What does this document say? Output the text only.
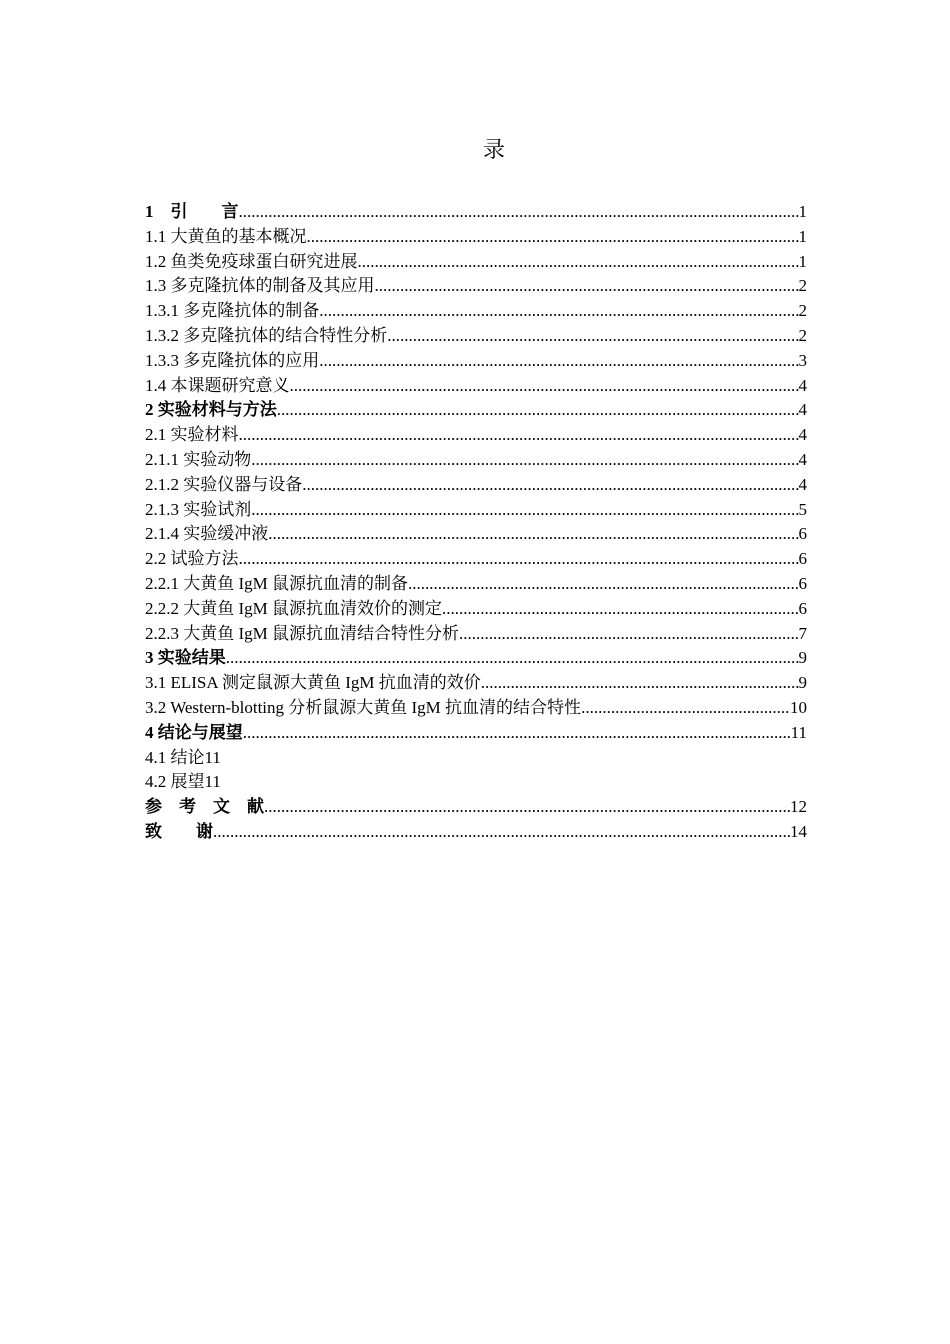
录
1　引　　言 .....	1
1.1 大黄鱼的基本概况 .....	1
1.2 鱼类免疫球蛋白研究进展 .....	1
1.3 多克隆抗体的制备及其应用 .....	2
1.3.1 多克隆抗体的制备 .....	2
1.3.2 多克隆抗体的结合特性分析 .....	2
1.3.3 多克隆抗体的应用 .....	3
1.4 本课题研究意义 .....	4
2 实验材料与方法 .....	4
2.1 实验材料 .....	4
2.1.1 实验动物 .....	4
2.1.2 实验仪器与设备 .....	4
2.1.3 实验试剂 .....	5
2.1.4 实验缓冲液 .....	6
2.2 试验方法 .....	6
2.2.1 大黄鱼 IgM 鼠源抗血清的制备 .....	6
2.2.2 大黄鱼 IgM 鼠源抗血清效价的测定 .....	6
2.2.3 大黄鱼 IgM 鼠源抗血清结合特性分析 .....	7
3 实验结果 .....	9
3.1 ELISA 测定鼠源大黄鱼 IgM 抗血清的效价 .....	9
3.2 Western-blotting 分析鼠源大黄鱼 IgM 抗血清的结合特性 .....	10
4 结论与展望 .....	11
4.1 结论11
4.2 展望11
参　考　文　献 .....	12
致　　谢 .....	14
